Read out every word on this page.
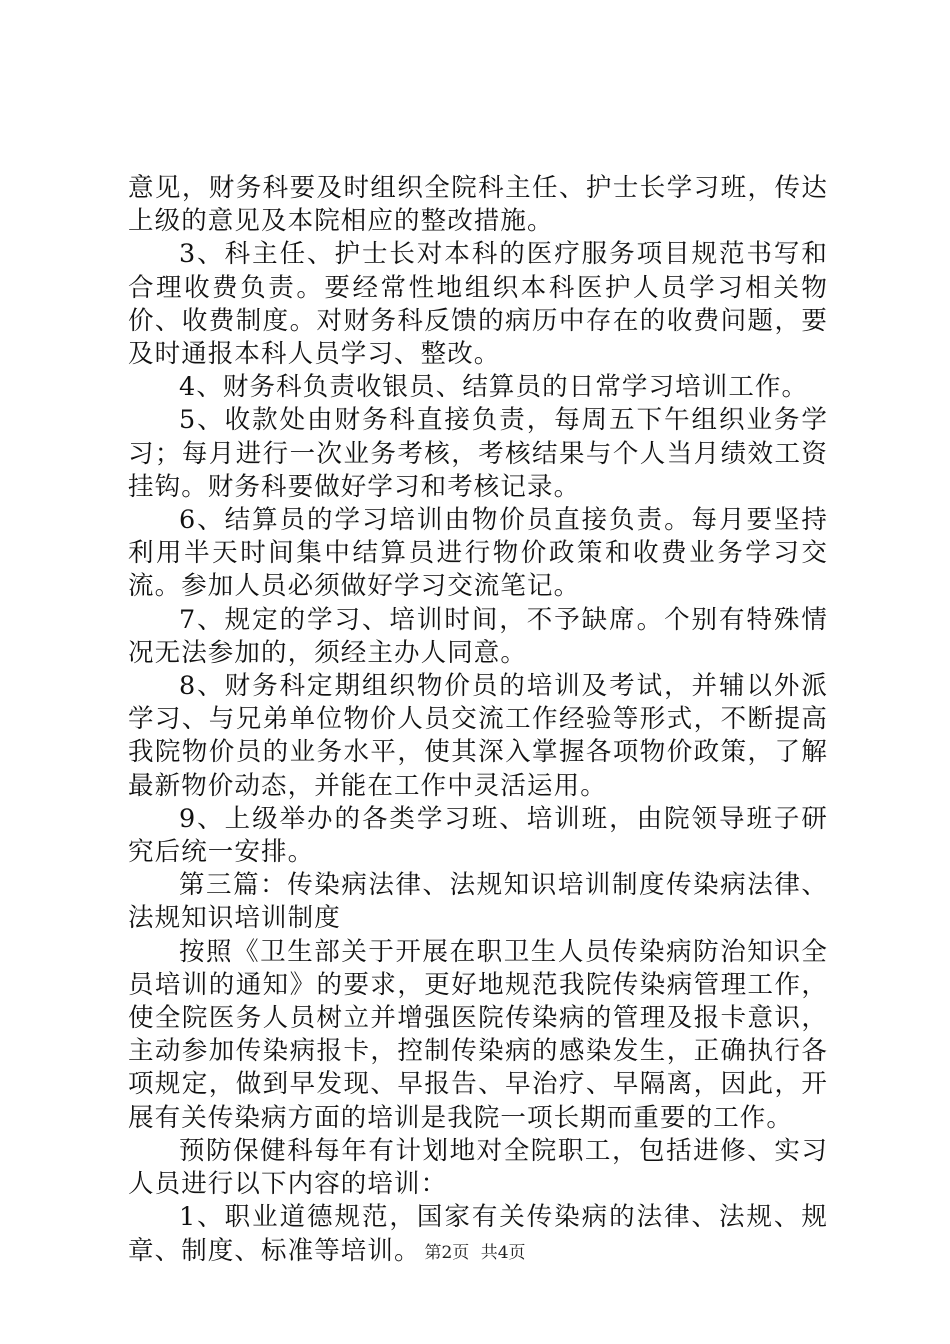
意见，财务科要及时组织全院科主任、护士长学习班，传达上级的意见及本院相应的整改措施。

3、科主任、护士长对本科的医疗服务项目规范书写和合理收费负责。要经常性地组织本科医护人员学习相关物价、收费制度。对财务科反馈的病历中存在的收费问题，要及时通报本科人员学习、整改。

4、财务科负责收银员、结算员的日常学习培训工作。

5、收款处由财务科直接负责，每周五下午组织业务学习；每月进行一次业务考核，考核结果与个人当月绩效工资挂钩。财务科要做好学习和考核记录。

6、结算员的学习培训由物价员直接负责。每月要坚持利用半天时间集中结算员进行物价政策和收费业务学习交流。参加人员必须做好学习交流笔记。

7、规定的学习、培训时间，不予缺席。个别有特殊情况无法参加的，须经主办人同意。

8、财务科定期组织物价员的培训及考试，并辅以外派学习、与兄弟单位物价人员交流工作经验等形式，不断提高我院物价员的业务水平，使其深入掌握各项物价政策，了解最新物价动态，并能在工作中灵活运用。

9、上级举办的各类学习班、培训班，由院领导班子研究后统一安排。

第三篇：传染病法律、法规知识培训制度传染病法律、法规知识培训制度

按照《卫生部关于开展在职卫生人员传染病防治知识全员培训的通知》的要求，更好地规范我院传染病管理工作，使全院医务人员树立并增强医院传染病的管理及报卡意识，主动参加传染病报卡，控制传染病的感染发生，正确执行各项规定，做到早发现、早报告、早治疗、早隔离，因此，开展有关传染病方面的培训是我院一项长期而重要的工作。

预防保健科每年有计划地对全院职工，包括进修、实习人员进行以下内容的培训：

1、职业道德规范，国家有关传染病的法律、法规、规章、制度、标准等培训。 第2页 共4页
